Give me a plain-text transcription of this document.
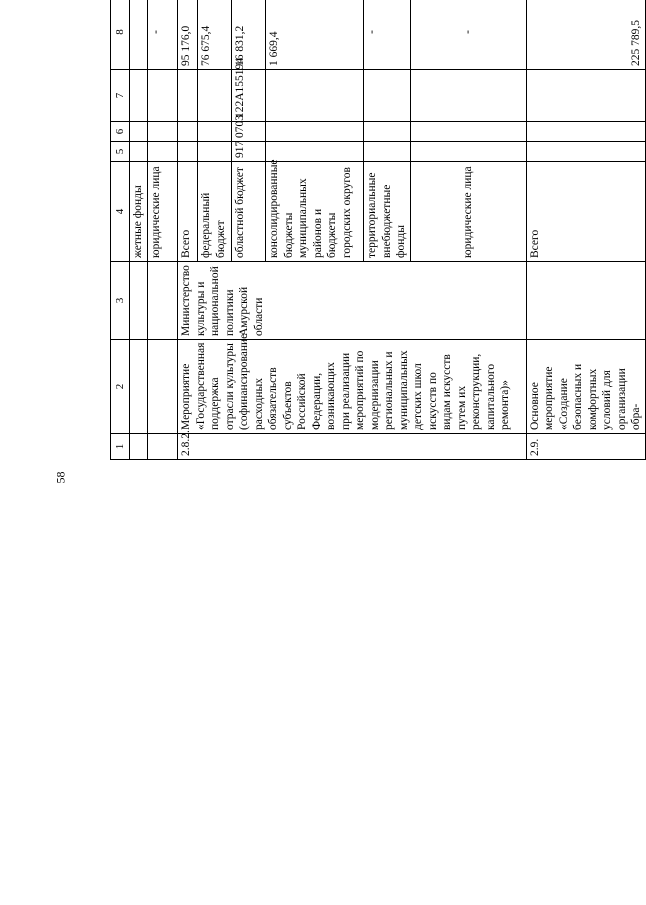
58
1	2	3	4	5	6	7	8					
			жетные фонды									
			юридические лица				-					
2.8.2.	Мероприятие «Государственная поддержка отрасли культуры (софинансирование расходных обязательств субъектов Российской Федерации, возникающих при реализации мероприятий по модернизации региональных и муниципальных детских школ искусств по видам искусств путем их реконструкции, капитального ремонта)»	Министерство культуры и национальной политики Амурской области	Всего				95 176,0					
			федеральный бюджет				76 675,4					
			областной бюджет	917	0703	122A155194	16 831,2					
			консолидированные бюджеты муниципальных районов и бюджеты городских округов				1 669,4					
			территориальные внебюджетные фонды				-					
			юридические лица				-					
2.9.	Основное мероприятие «Создание безопасных и комфортных условий для организации обра-		Всего				225 789,5					
